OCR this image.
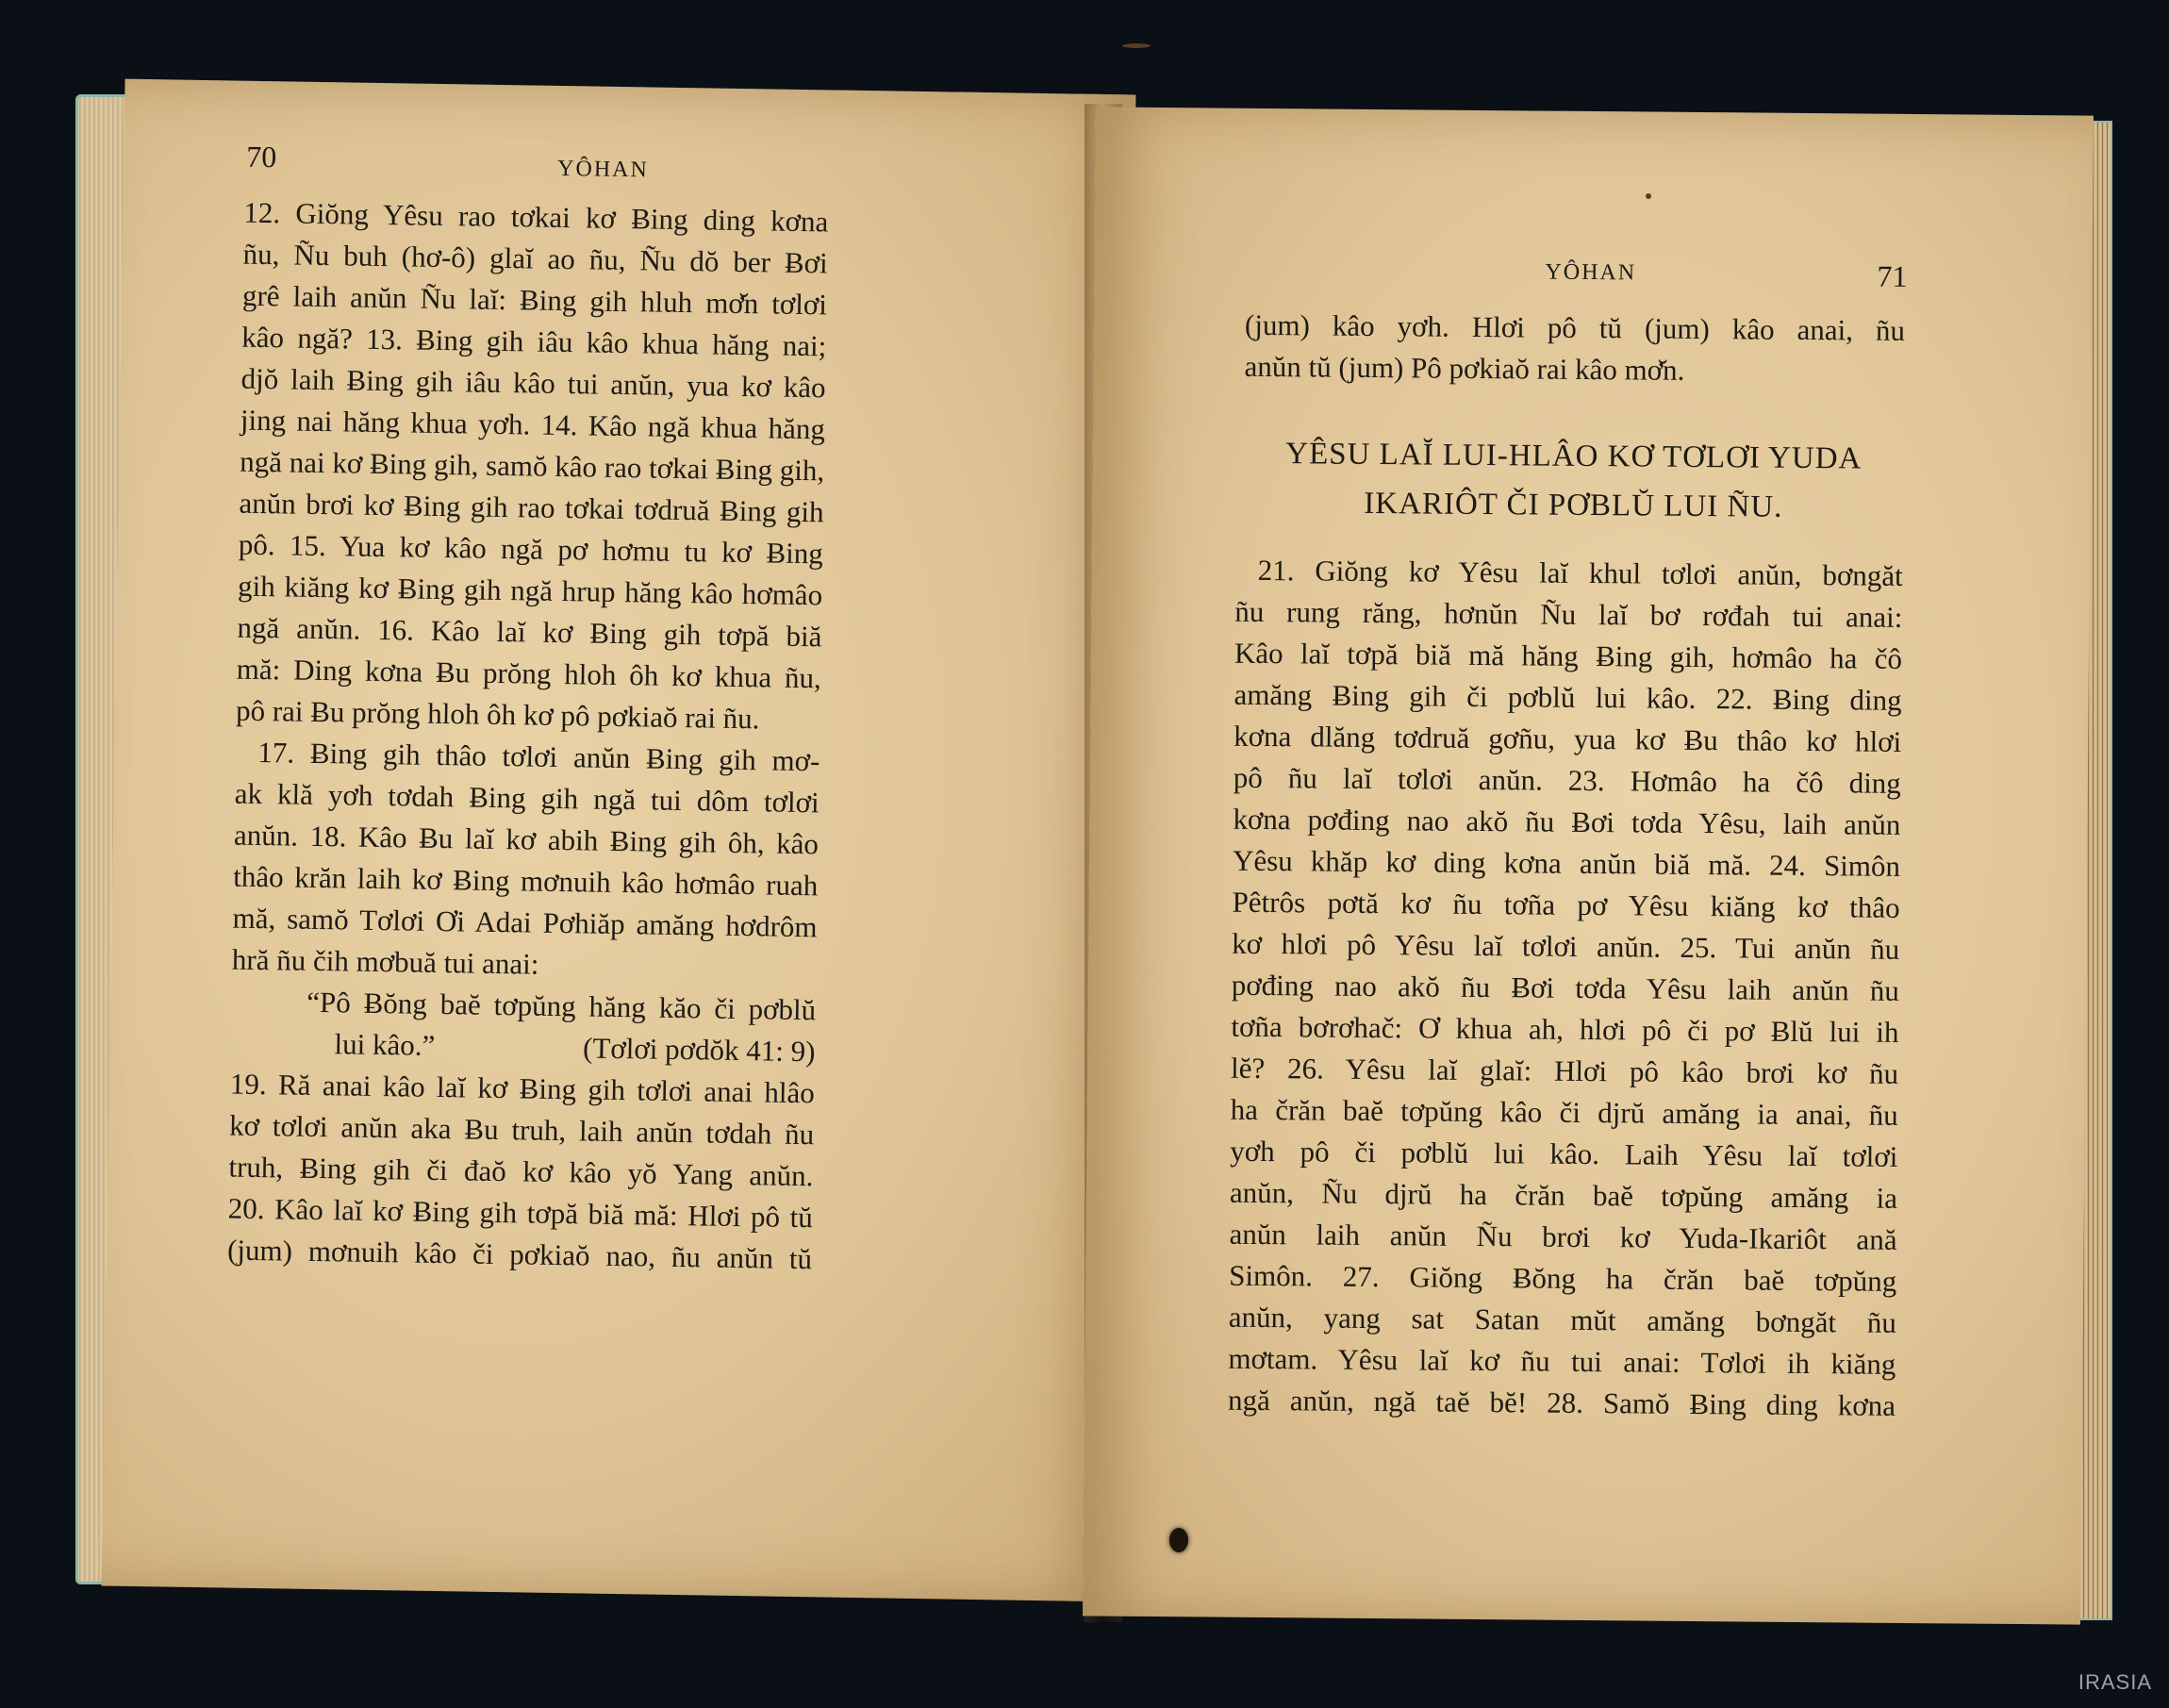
70	YÔHAN
12. Giŏng Yêsu rao tơkai kơ Ƀing ding kơna
ñu, Ñu buh (hơ-ô) glaĭ ao ñu, Ñu dŏ ber Ƀơi
grê laih anŭn Ñu laĭ: Ƀing gih hluh mơ̆n tơlơi
kâo ngă? 13. Ƀing gih iâu kâo khua hăng nai;
djŏ laih Ƀing gih iâu kâo tui anŭn, yua kơ kâo
jing nai hăng khua yơh. 14. Kâo ngă khua hăng
ngă nai kơ Ƀing gih, samŏ kâo rao tơkai Ƀing gih,
anŭn brơi kơ Ƀing gih rao tơkai tơdruă Ƀing gih
pô. 15. Yua kơ kâo ngă pơ hơmu tu kơ Ƀing
gih kiăng kơ Ƀing gih ngă hrup hăng kâo hơmâo
ngă anŭn. 16. Kâo laĭ kơ Ƀing gih tơpă biă
mă: Ding kơna Ƀu prŏng hloh ôh kơ khua ñu,
pô rai Ƀu prŏng hloh ôh kơ pô pơkiaŏ rai ñu.
17. Ƀing gih thâo tơlơi anŭn Ƀing gih mơ-
ak klă yơh tơdah Ƀing gih ngă tui dôm tơlơi
anŭn. 18. Kâo Ƀu laĭ kơ abih Ƀing gih ôh, kâo
thâo krăn laih kơ Ƀing mơnuih kâo hơmâo ruah
mă, samŏ Tơlơi Ơi Adai Pơhiăp amăng hơdrôm
hră ñu čih mơbuă tui anai:
“Pô Ƀŏng baĕ tơpŭng hăng kăo či pơblŭ
lui kâo.”	(Tơlơi pơdŏk 41: 9)
19. Ră anai kâo laĭ kơ Ƀing gih tơlơi anai hlâo
kơ tơlơi anŭn aka Ƀu truh, laih anŭn tơdah ñu
truh, Ƀing gih či đaŏ kơ kâo yŏ Yang anŭn.
20. Kâo laĭ kơ Ƀing gih tơpă biă mă: Hlơi pô tŭ
(jum) mơnuih kâo či pơkiaŏ nao, ñu anŭn tŭ
YÔHAN	71
(jum) kâo yơh. Hlơi pô tŭ (jum) kâo anai, ñu
anŭn tŭ (jum) Pô pơkiaŏ rai kâo mơ̆n.
YÊSU LAĬ LUI-HLÂO KƠ TƠLƠI YUDA
IKARIÔT ČI PƠBLŬ LUI ÑU.
21. Giŏng kơ Yêsu laĭ khul tơlơi anŭn, bơngăt
ñu rung răng, hơnŭn Ñu laĭ bơ rơđah tui anai:
Kâo laĭ tơpă biă mă hăng Ƀing gih, hơmâo ha čô
amăng Ƀing gih či pơblŭ lui kâo. 22. Ƀing ding
kơna dlăng tơdruă gơñu, yua kơ Ƀu thâo kơ hlơi
pô ñu laĭ tơlơi anŭn. 23. Hơmâo ha čô ding
kơna pơđing nao akŏ ñu Ƀơi tơda Yêsu, laih anŭn
Yêsu khăp kơ ding kơna anŭn biă mă. 24. Simôn
Pêtrôs pơtă kơ ñu tơña pơ Yêsu kiăng kơ thâo
kơ hlơi pô Yêsu laĭ tơlơi anŭn. 25. Tui anŭn ñu
pơđing nao akŏ ñu Ƀơi tơda Yêsu laih anŭn ñu
tơña bơrơhač: Ơ khua ah, hlơi pô či pơ Ƀlŭ lui ih
lĕ? 26. Yêsu laĭ glaĭ: Hlơi pô kâo brơi kơ ñu
ha črăn baĕ tơpŭng kâo či djrŭ amăng ia anai, ñu
yơh pô či pơblŭ lui kâo. Laih Yêsu laĭ tơlơi
anŭn, Ñu djrŭ ha črăn baĕ tơpŭng amăng ia
anŭn laih anŭn Ñu brơi kơ Yuda-Ikariôt ană
Simôn. 27. Giŏng Ƀŏng ha črăn baĕ tơpŭng
anŭn, yang sat Satan mŭt amăng bơngăt ñu
mơtam. Yêsu laĭ kơ ñu tui anai: Tơlơi ih kiăng
ngă anŭn, ngă taĕ bĕ! 28. Samŏ Ƀing ding kơna
IRASIA
